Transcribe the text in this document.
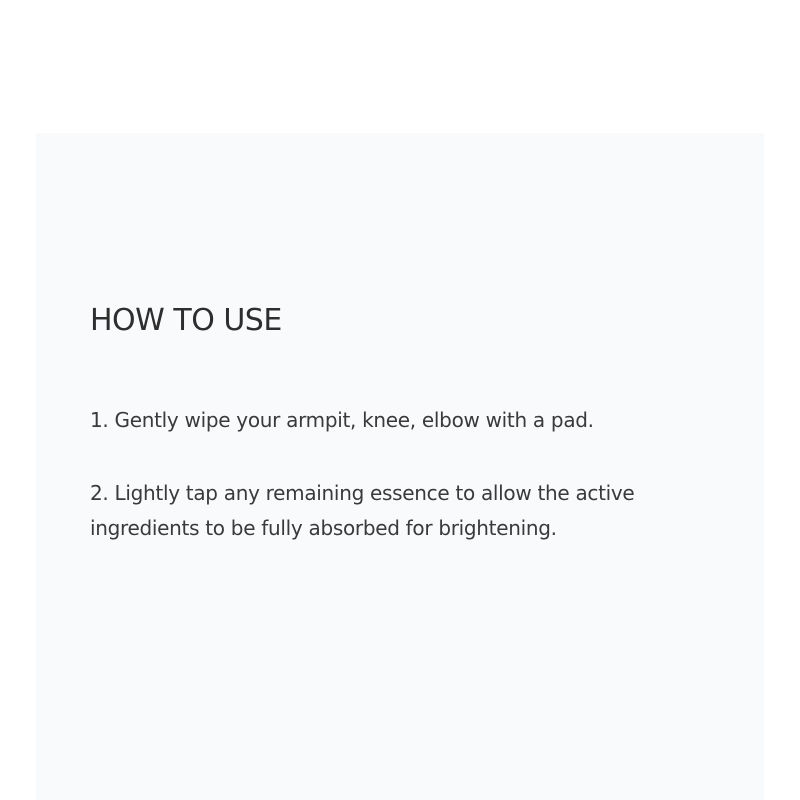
HOW TO USE
1. Gently wipe your armpit, knee, elbow with a pad.
2. Lightly tap any remaining essence to allow the active ingredients to be fully absorbed for brightening.
